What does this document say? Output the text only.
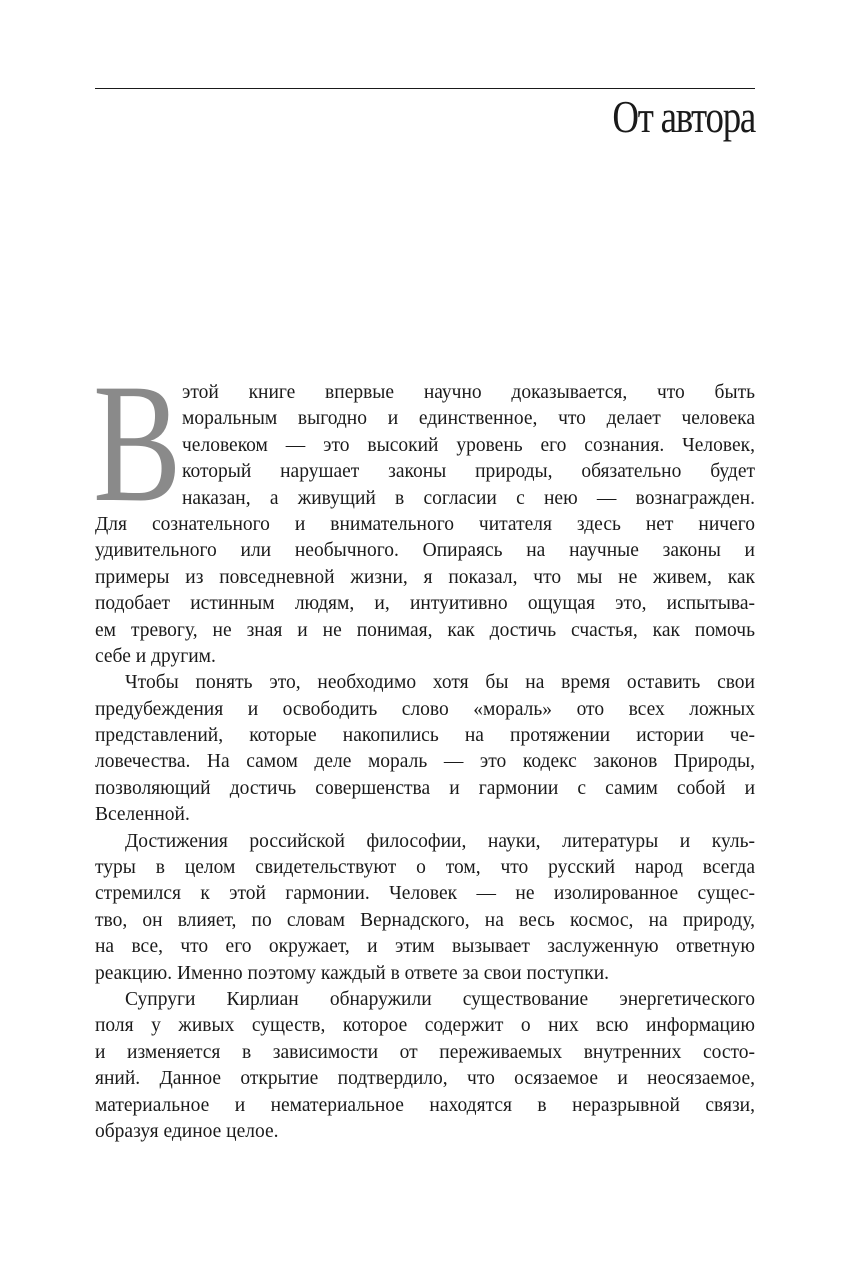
От автора
В этой книге впервые научно доказывается, что быть
моральным выгодно и единственное, что делает человека
человеком — это высокий уровень его сознания. Человек,
который нарушает законы природы, обязательно будет
наказан, а живущий в согласии с нею — вознагражден.
Для сознательного и внимательного читателя здесь нет ничего
удивительного или необычного. Опираясь на научные законы и
примеры из повседневной жизни, я показал, что мы не живем, как
подобает истинным людям, и, интуитивно ощущая это, испытыва-
ем тревогу, не зная и не понимая, как достичь счастья, как помочь
себе и другим.
Чтобы понять это, необходимо хотя бы на время оставить свои
предубеждения и освободить слово «мораль» ото всех ложных
представлений, которые накопились на протяжении истории че-
ловечества. На самом деле мораль — это кодекс законов Природы,
позволяющий достичь совершенства и гармонии с самим собой и
Вселенной.
Достижения российской философии, науки, литературы и куль-
туры в целом свидетельствуют о том, что русский народ всегда
стремился к этой гармонии. Человек — не изолированное сущес-
тво, он влияет, по словам Вернадского, на весь космос, на природу,
на все, что его окружает, и этим вызывает заслуженную ответную
реакцию. Именно поэтому каждый в ответе за свои поступки.
Супруги Кирлиан обнаружили существование энергетического
поля у живых существ, которое содержит о них всю информацию
и изменяется в зависимости от переживаемых внутренних состо-
яний. Данное открытие подтвердило, что осязаемое и неосязаемое,
материальное и нематериальное находятся в неразрывной связи,
образуя единое целое.
